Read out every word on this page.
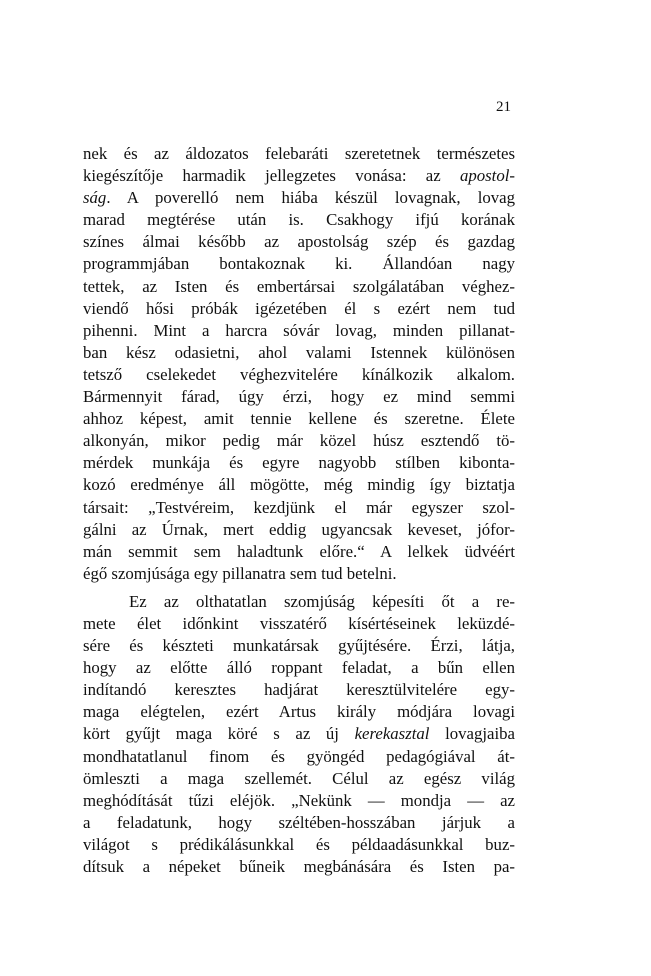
21
nek és az áldozatos felebaráti szeretetnek természetes
kiegészítője harmadik jellegzetes vonása: az apostol-
ság. A poverelló nem hiába készül lovagnak, lovag
marad megtérése után is. Csakhogy ifjú korának
színes álmai később az apostolság szép és gazdag
programmjában bontakoznak ki. Állandóan nagy
tettek, az Isten és embertársai szolgálatában véghez-
viendő hősi próbák igézetében él s ezért nem tud
pihenni. Mint a harcra sóvár lovag, minden pillanat-
ban kész odasietni, ahol valami Istennek különösen
tetsző cselekedet véghezvitelére kínálkozik alkalom.
Bármennyit fárad, úgy érzi, hogy ez mind semmi
ahhoz képest, amit tennie kellene és szeretne. Élete
alkonyán, mikor pedig már közel húsz esztendő tö-
mérdek munkája és egyre nagyobb stílben kibonta-
kozó eredménye áll mögötte, még mindig így biztatja
társait: „Testvéreim, kezdjünk el már egyszer szol-
gálni az Úrnak, mert eddig ugyancsak keveset, jófor-
mán semmit sem haladtunk előre.“ A lelkek üdvéért
égő szomjúsága egy pillanatra sem tud betelni.
Ez az olthatatlan szomjúság képesíti őt a re-
mete élet időnkint visszatérő kísértéseinek leküzdé-
sére és készteti munkatársak gyűjtésére. Érzi, látja,
hogy az előtte álló roppant feladat, a bűn ellen
indítandó keresztes hadjárat keresztülvitelére egy-
maga elégtelen, ezért Artus király módjára lovagi
kört gyűjt maga köré s az új kerekasztal lovagjaiba
mondhatatlanul finom és gyöngéd pedagógiával át-
ömleszti a maga szellemét. Célul az egész világ
meghódítását tűzi eléjök. „Nekünk — mondja — az
a feladatunk, hogy széltében-hosszában járjuk a
világot s prédikálásunkkal és példaadásunkkal buz-
dítsuk a népeket bűneik megbánására és Isten pa-
